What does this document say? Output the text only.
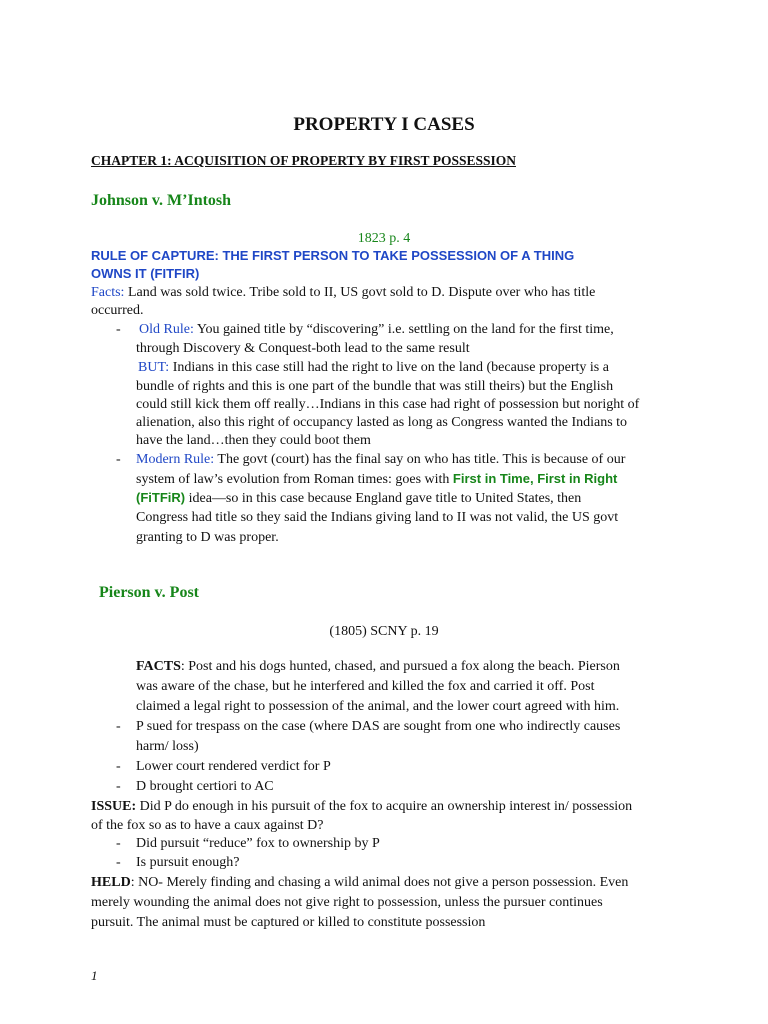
PROPERTY I CASES
CHAPTER 1: ACQUISITION OF PROPERTY BY FIRST POSSESSION
Johnson v. M’Intosh
1823 p. 4
RULE OF CAPTURE: THE FIRST PERSON TO TAKE POSSESSION OF A THING
OWNS IT (FITFIR)
Facts: Land was sold twice. Tribe sold to II, US govt sold to D. Dispute over who has title
occurred.
- Old Rule: You gained title by “discovering” i.e. settling on the land for the first time,
through Discovery & Conquest-both lead to the same result
BUT: Indians in this case still had the right to live on the land (because property is a
bundle of rights and this is one part of the bundle that was still theirs) but the English
could still kick them off really…Indians in this case had right of possession but noright of
alienation, also this right of occupancy lasted as long as Congress wanted the Indians to
have the land…then they could boot them
- Modern Rule: The govt (court) has the final say on who has title. This is because of our
system of law’s evolution from Roman times: goes with First in Time, First in Right
(FiTFiR) idea—so in this case because England gave title to United States, then
Congress had title so they said the Indians giving land to II was not valid, the US govt
granting to D was proper.
Pierson v. Post
(1805) SCNY p. 19
FACTS: Post and his dogs hunted, chased, and pursued a fox along the beach. Pierson
was aware of the chase, but he interfered and killed the fox and carried it off. Post
claimed a legal right to possession of the animal, and the lower court agreed with him.
- P sued for trespass on the case (where DAS are sought from one who indirectly causes
harm/ loss)
- Lower court rendered verdict for P
- D brought certiori to AC
ISSUE: Did P do enough in his pursuit of the fox to acquire an ownership interest in/ possession
of the fox so as to have a caux against D?
- Did pursuit “reduce” fox to ownership by P
- Is pursuit enough?
HELD: NO- Merely finding and chasing a wild animal does not give a person possession. Even
merely wounding the animal does not give right to possession, unless the pursuer continues
pursuit. The animal must be captured or killed to constitute possession
1
